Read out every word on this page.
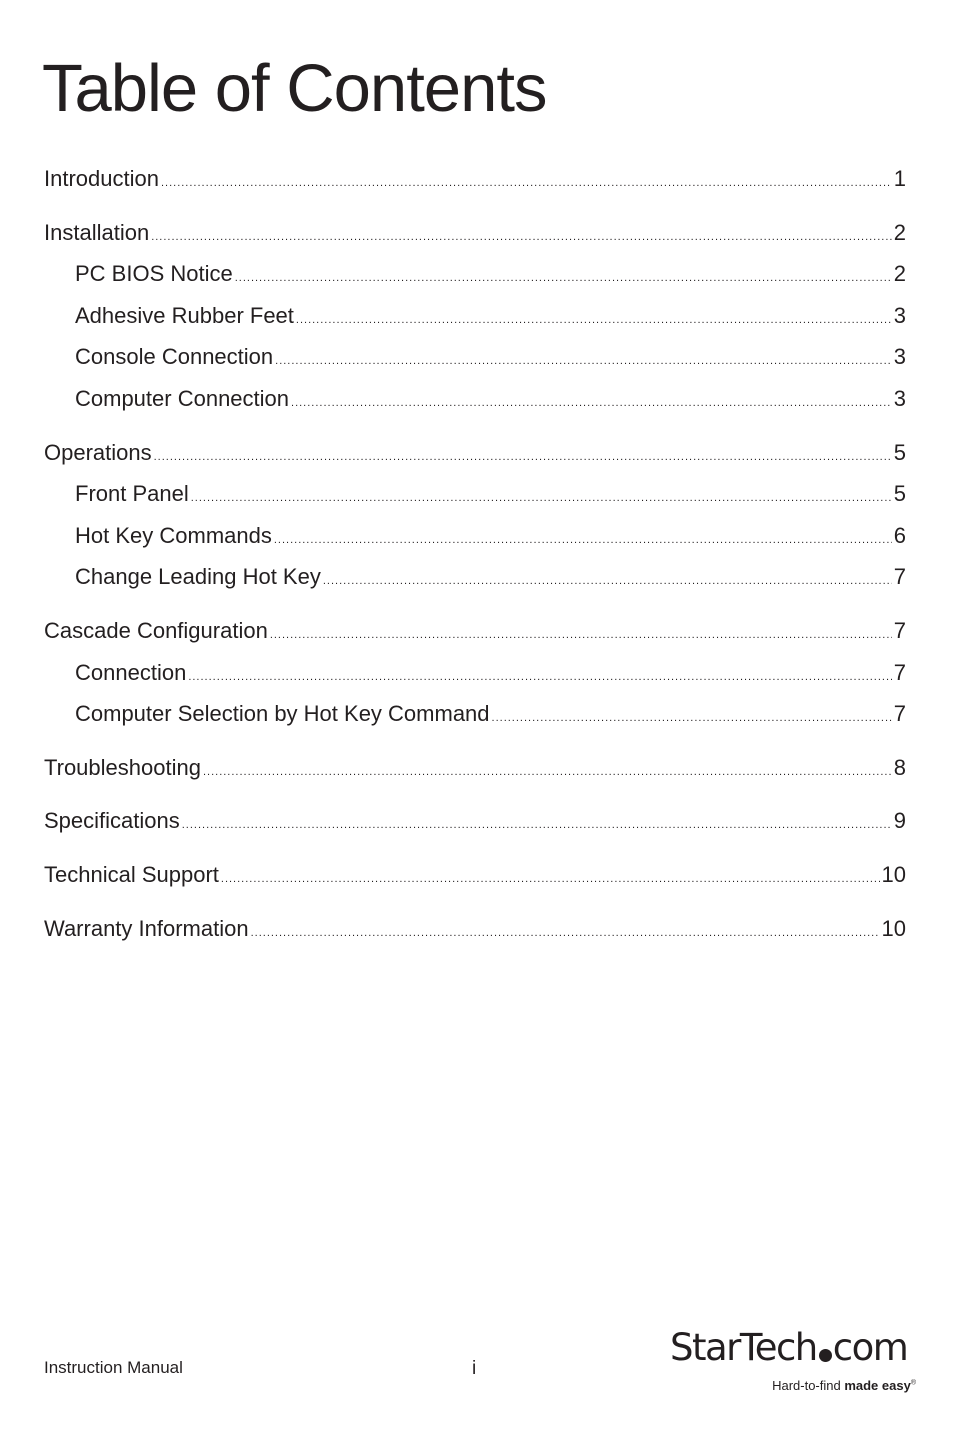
Table of Contents
Introduction .....	1
Installation .....	2
PC BIOS Notice .....	2
Adhesive Rubber Feet .....	3
Console Connection .....	3
Computer Connection .....	3
Operations .....	5
Front Panel .....	5
Hot Key Commands .....	6
Change Leading Hot Key .....	7
Cascade Configuration .....	7
Connection .....	7
Computer Selection by Hot Key Command .....	7
Troubleshooting .....	8
Specifications .....	9
Technical Support .....	10
Warranty Information .....	10
Instruction Manual	i	StarTech com
Hard-to-find made easy®
